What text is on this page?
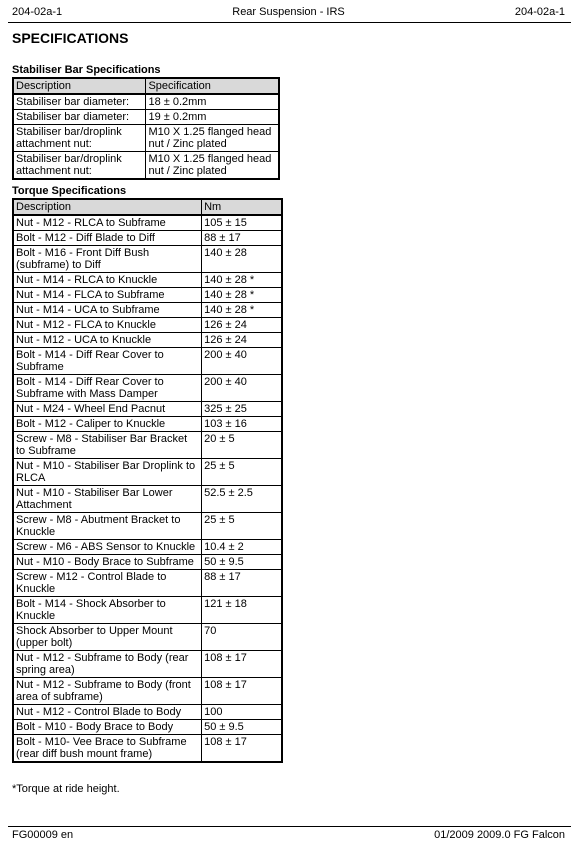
204-02a-1	Rear Suspension - IRS	204-02a-1
SPECIFICATIONS
Stabiliser Bar Specifications
Description	Specification
Stabiliser bar diameter:	18 ± 0.2mm
Stabiliser bar diameter:	19 ± 0.2mm
Stabiliser bar/droplink attachment nut:	M10 X 1.25 flanged head nut / Zinc plated
Stabiliser bar/droplink attachment nut:	M10 X 1.25 flanged head nut / Zinc plated
Torque Specifications
Description	Nm
Nut - M12 - RLCA to Subframe	105 ± 15
Bolt - M12 - Diff Blade to Diff	88 ± 17
Bolt - M16 - Front Diff Bush (subframe) to Diff	140 ± 28
Nut - M14 - RLCA to Knuckle	140 ± 28 *
Nut - M14 - FLCA to Subframe	140 ± 28 *
Nut - M14 - UCA to Subframe	140 ± 28 *
Nut - M12 - FLCA to Knuckle	126 ± 24
Nut - M12 - UCA to Knuckle	126 ± 24
Bolt - M14 - Diff Rear Cover to Subframe	200 ± 40
Bolt - M14 - Diff Rear Cover to Subframe with Mass Damper	200 ± 40
Nut - M24 - Wheel End Pacnut	325 ± 25
Bolt - M12 - Caliper to Knuckle	103 ± 16
Screw - M8 - Stabiliser Bar Bracket to Subframe	20 ± 5
Nut - M10 - Stabiliser Bar Droplink to RLCA	25 ± 5
Nut - M10 - Stabiliser Bar Lower Attachment	52.5 ± 2.5
Screw - M8 - Abutment Bracket to Knuckle	25 ± 5
Screw - M6 - ABS Sensor to Knuckle	10.4 ± 2
Nut - M10 - Body Brace to Subframe	50 ± 9.5
Screw - M12 - Control Blade to Knuckle	88 ± 17
Bolt - M14 - Shock Absorber to Knuckle	121 ± 18
Shock Absorber to Upper Mount (upper bolt)	70
Nut - M12 - Subframe to Body (rear spring area)	108 ± 17
Nut - M12 - Subframe to Body (front area of subframe)	108 ± 17
Nut - M12 - Control Blade to Body	100
Bolt - M10 - Body Brace to Body	50 ± 9.5
Bolt - M10- Vee Brace to Subframe (rear diff bush mount frame)	108 ± 17
*Torque at ride height.
FG00009 en	01/2009 2009.0 FG Falcon
